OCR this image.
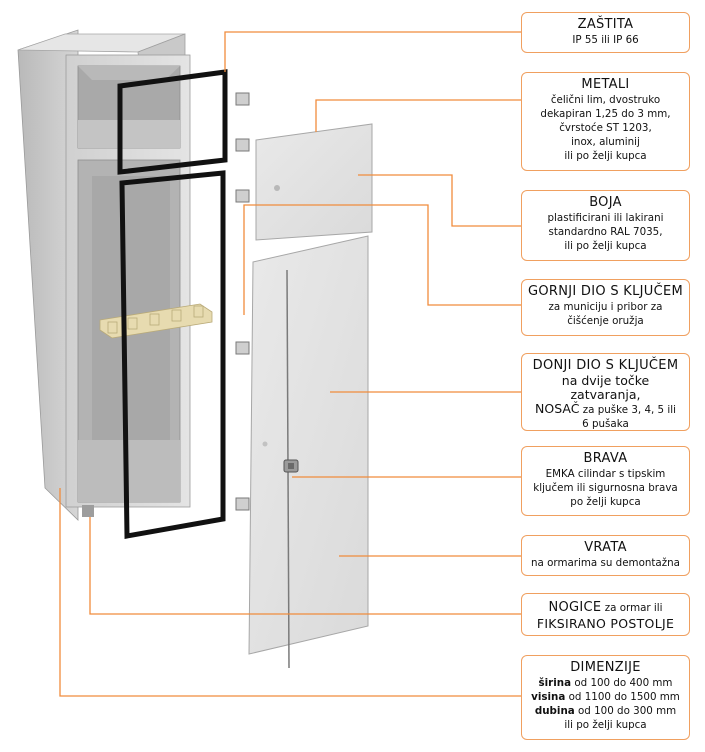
ZAŠTITA
IP 55 ili IP 66
METALI
čelični lim, dvostruko
dekapiran 1,25 do 3 mm,
čvrstoće ST 1203,
inox, aluminij
ili po želji kupca
BOJA
plastificirani ili lakirani
standardno RAL 7035,
ili po želji kupca
GORNJI DIO S KLJUČEM
za municiju i pribor za
čišćenje oružja
DONJI DIO S KLJUČEM
na dvije točke zatvaranja,
NOSAČ za puške 3, 4, 5 ili
6 pušaka
BRAVA
EMKA cilindar s tipskim
ključem ili sigurnosna brava
po želji kupca
VRATA
na ormarima su demontažna
NOGICE za ormar ili
FIKSIRANO POSTOLJE
DIMENZIJE
širina od 100 do 400 mm
visina od 1100 do 1500 mm
dubina od 100 do 300 mm
ili po želji kupca
